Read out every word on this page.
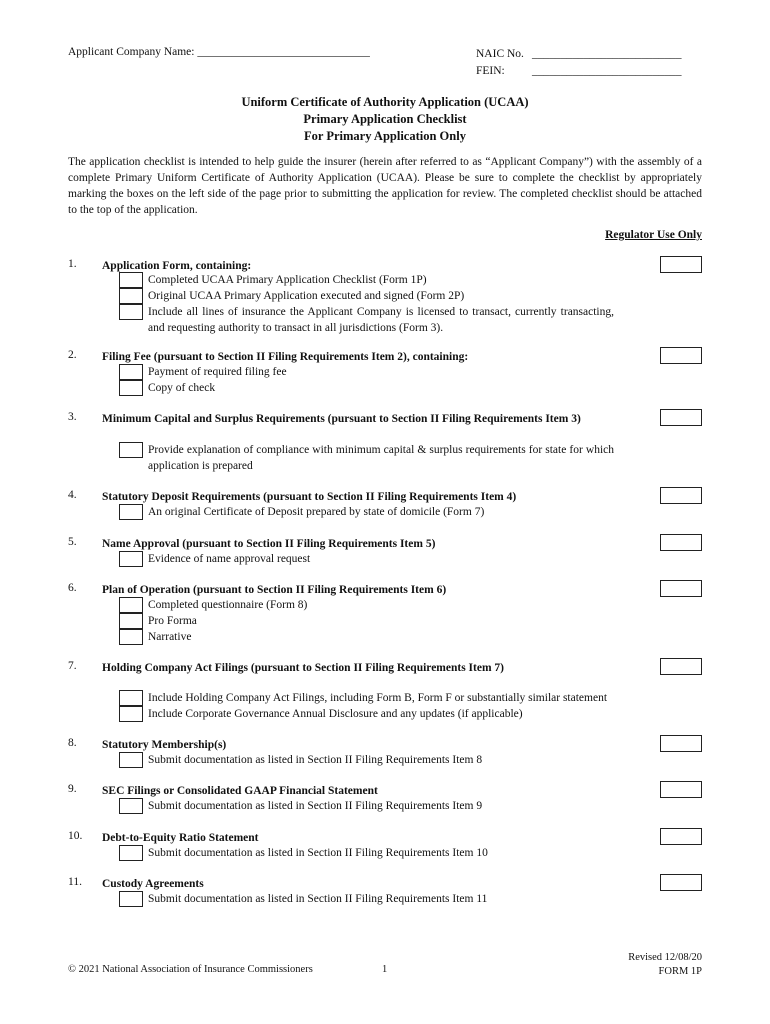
Applicant Company Name: ______________________________	NAIC No. __________________________
FEIN:	__________________________
Uniform Certificate of Authority Application (UCAA)
Primary Application Checklist
For Primary Application Only
The application checklist is intended to help guide the insurer (herein after referred to as “Applicant Company”) with the assembly of a complete Primary Uniform Certificate of Authority Application (UCAA). Please be sure to complete the checklist by appropriately marking the boxes on the left side of the page prior to submitting the application for review. The completed checklist should be attached to the top of the application.
Regulator Use Only
1. Application Form, containing:
Completed UCAA Primary Application Checklist (Form 1P)
Original UCAA Primary Application executed and signed (Form 2P)
Include all lines of insurance the Applicant Company is licensed to transact, currently transacting, and requesting authority to transact in all jurisdictions (Form 3).
2. Filing Fee (pursuant to Section II Filing Requirements Item 2), containing:
Payment of required filing fee
Copy of check
3. Minimum Capital and Surplus Requirements (pursuant to Section II Filing Requirements Item 3)
Provide explanation of compliance with minimum capital & surplus requirements for state for which application is prepared
4. Statutory Deposit Requirements (pursuant to Section II Filing Requirements Item 4)
An original Certificate of Deposit prepared by state of domicile (Form 7)
5. Name Approval (pursuant to Section II Filing Requirements Item 5)
Evidence of name approval request
6. Plan of Operation (pursuant to Section II Filing Requirements Item 6)
Completed questionnaire (Form 8)
Pro Forma
Narrative
7. Holding Company Act Filings (pursuant to Section II Filing Requirements Item 7)
Include Holding Company Act Filings, including Form B, Form F or substantially similar statement
Include Corporate Governance Annual Disclosure and any updates (if applicable)
8. Statutory Membership(s)
Submit documentation as listed in Section II Filing Requirements Item 8
9. SEC Filings or Consolidated GAAP Financial Statement
Submit documentation as listed in Section II Filing Requirements Item 9
10. Debt-to-Equity Ratio Statement
Submit documentation as listed in Section II Filing Requirements Item 10
11. Custody Agreements
Submit documentation as listed in Section II Filing Requirements Item 11
© 2021 National Association of Insurance Commissioners	1
Revised 12/08/20
FORM 1P
